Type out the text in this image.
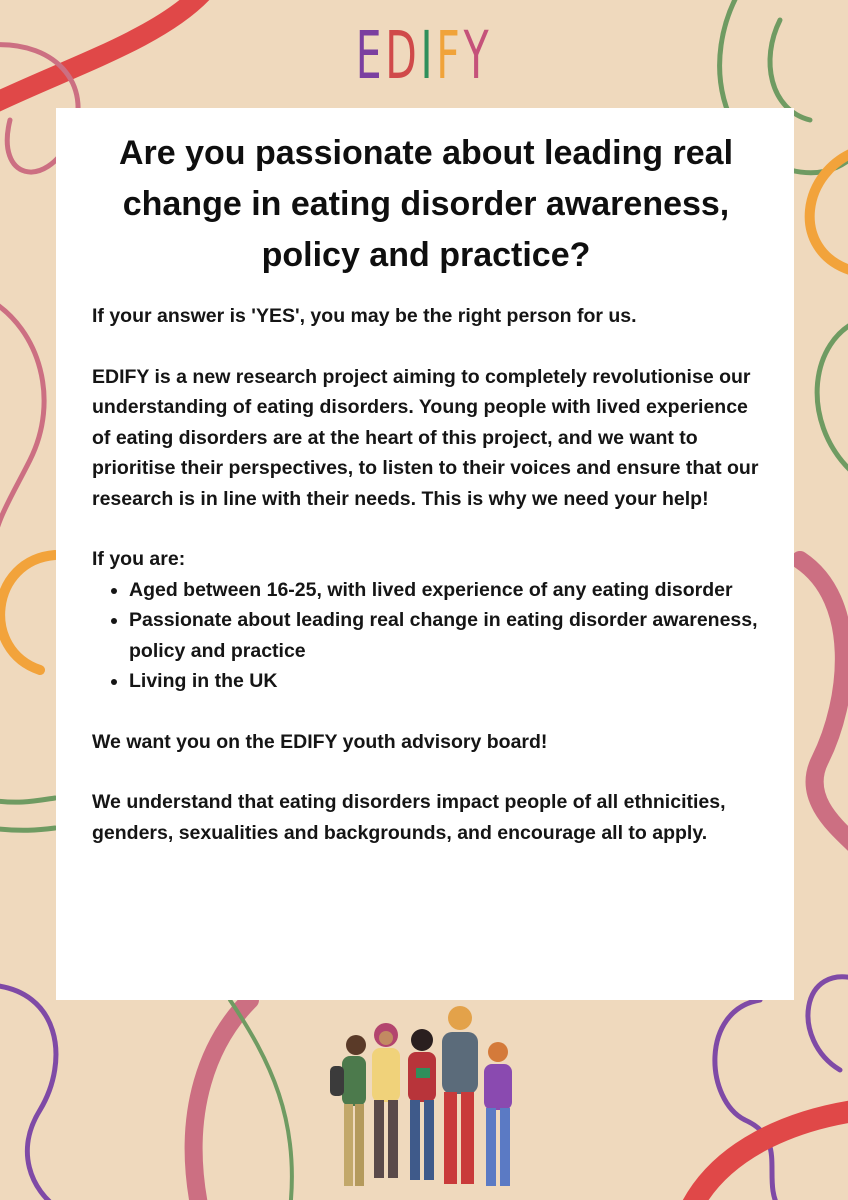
EDIFY
Are you passionate about leading real change in eating disorder awareness, policy and practice?

If your answer is 'YES', you may be the right person for us.

EDIFY is a new research project aiming to completely revolutionise our understanding of eating disorders. Young people with lived experience of eating disorders are at the heart of this project, and we want to prioritise their perspectives, to listen to their voices and ensure that our research is in line with their needs. This is why we need your help!

If you are:

• Aged between 16-25, with lived experience of any eating disorder
• Passionate about leading real change in eating disorder awareness, policy and practice
• Living in the UK

We want you on the EDIFY youth advisory board!

We understand that eating disorders impact people of all ethnicities, genders, sexualities and backgrounds, and encourage all to apply.
